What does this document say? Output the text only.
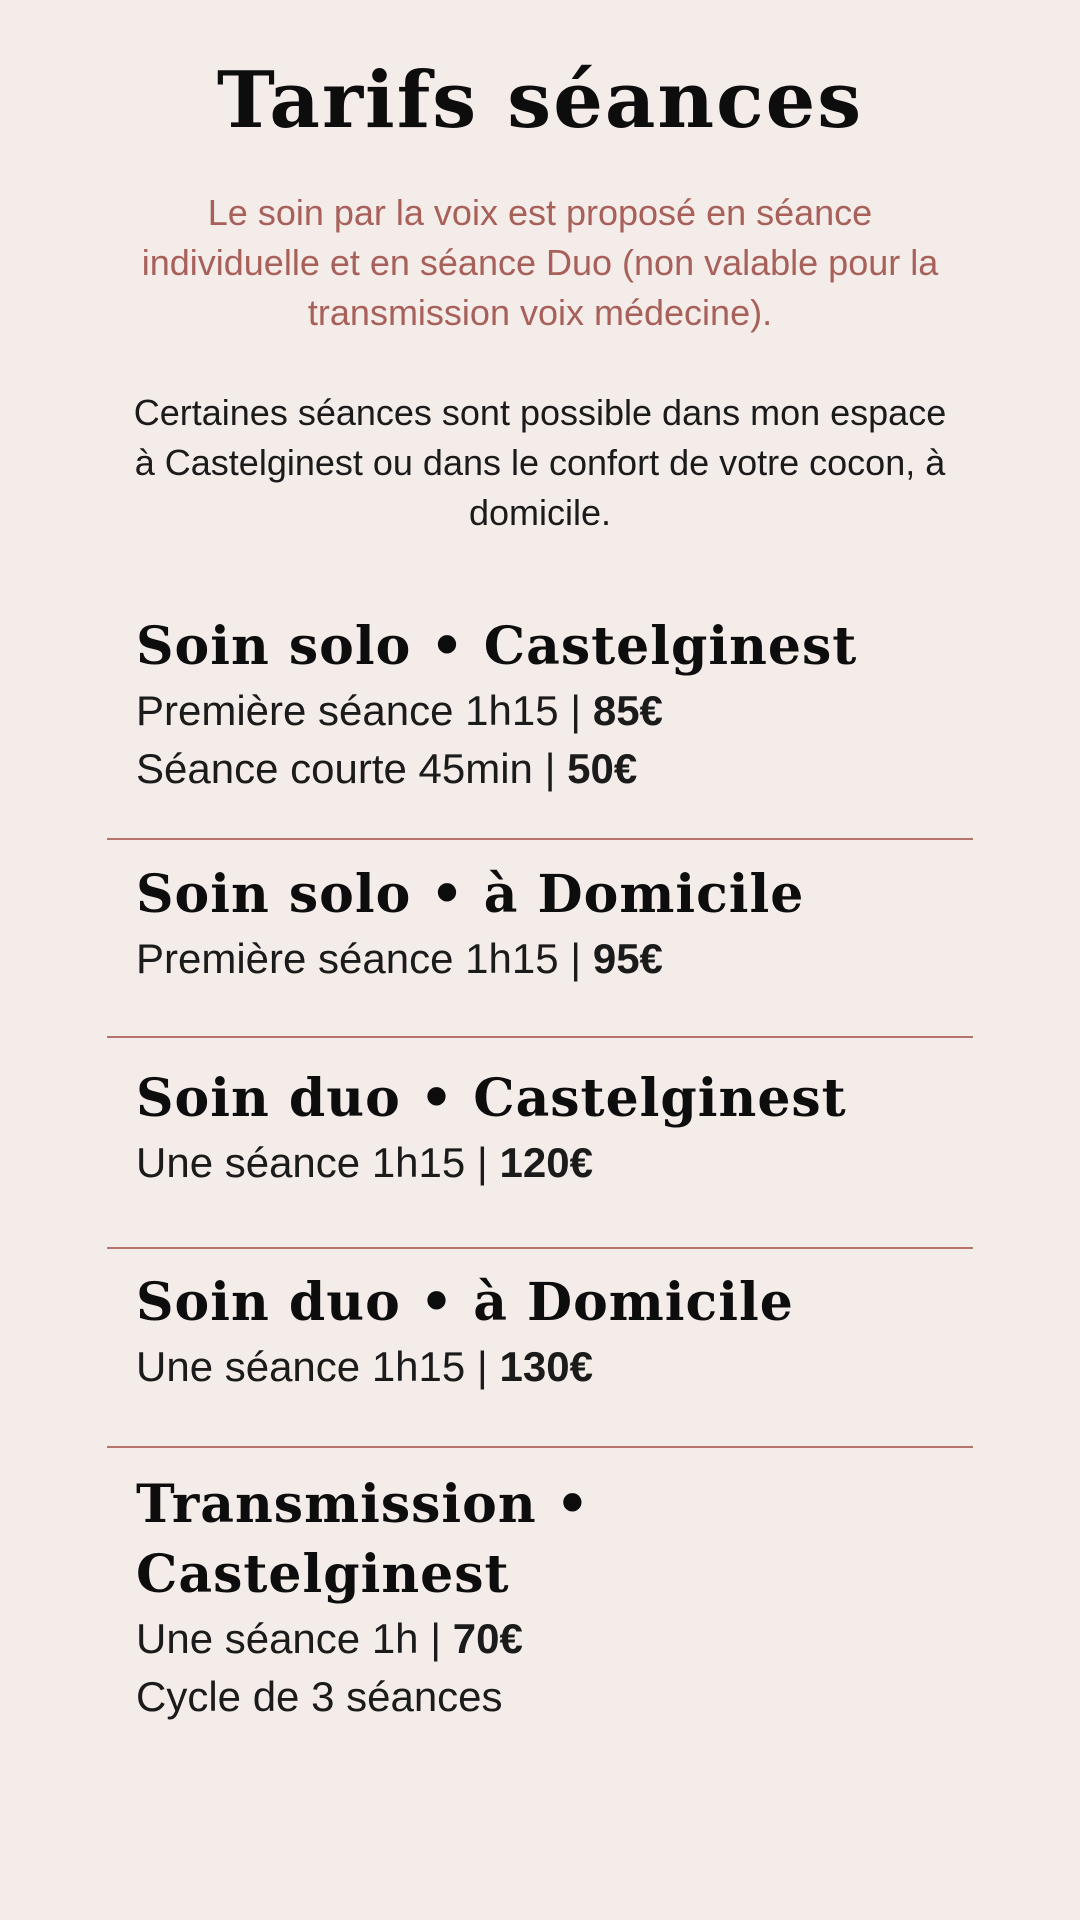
Tarifs séances
Le soin par la voix est proposé en séance individuelle et en séance Duo (non valable pour la transmission voix médecine).
Certaines séances sont possible dans mon espace à Castelginest ou dans le confort de votre cocon, à domicile.
Soin solo • Castelginest
Première séance 1h15 | 85€
Séance courte 45min | 50€
Soin solo • à Domicile
Première séance 1h15 | 95€
Soin duo • Castelginest
Une séance 1h15 | 120€
Soin duo • à Domicile
Une séance 1h15 | 130€
Transmission • Castelginest
Une séance 1h | 70€
Cycle de 3 séances
